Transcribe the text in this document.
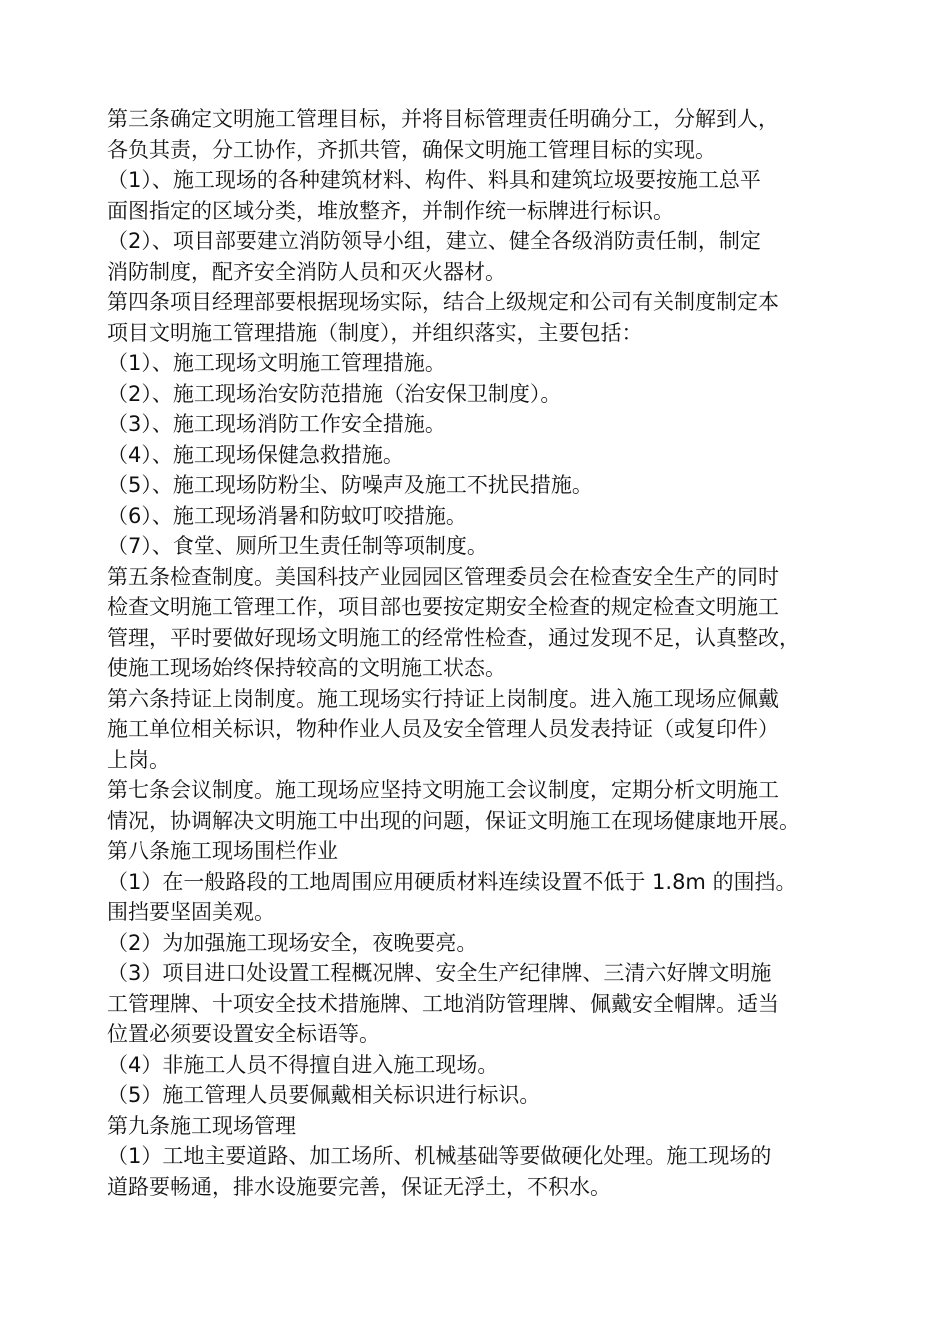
第三条确定文明施工管理目标，并将目标管理责任明确分工，分解到人，
各负其责，分工协作，齐抓共管，确保文明施工管理目标的实现。
（1）、施工现场的各种建筑材料、构件、料具和建筑垃圾要按施工总平
面图指定的区域分类，堆放整齐，并制作统一标牌进行标识。
（2）、项目部要建立消防领导小组，建立、健全各级消防责任制，制定
消防制度，配齐安全消防人员和灭火器材。
第四条项目经理部要根据现场实际，结合上级规定和公司有关制度制定本
项目文明施工管理措施（制度），并组织落实，主要包括：
（1）、施工现场文明施工管理措施。
（2）、施工现场治安防范措施（治安保卫制度）。
（3）、施工现场消防工作安全措施。
（4）、施工现场保健急救措施。
（5）、施工现场防粉尘、防噪声及施工不扰民措施。
（6）、施工现场消暑和防蚊叮咬措施。
（7）、食堂、厕所卫生责任制等项制度。
第五条检查制度。美国科技产业园园区管理委员会在检查安全生产的同时
检查文明施工管理工作，项目部也要按定期安全检查的规定检查文明施工
管理，平时要做好现场文明施工的经常性检查，通过发现不足，认真整改，
使施工现场始终保持较高的文明施工状态。
第六条持证上岗制度。施工现场实行持证上岗制度。进入施工现场应佩戴
施工单位相关标识，物种作业人员及安全管理人员发表持证（或复印件）
上岗。
第七条会议制度。施工现场应坚持文明施工会议制度，定期分析文明施工
情况，协调解决文明施工中出现的问题，保证文明施工在现场健康地开展。
第八条施工现场围栏作业
（1）在一般路段的工地周围应用硬质材料连续设置不低于 1.8m 的围挡。
围挡要坚固美观。
（2）为加强施工现场安全，夜晚要亮。
（3）项目进口处设置工程概况牌、安全生产纪律牌、三清六好牌文明施
工管理牌、十项安全技术措施牌、工地消防管理牌、佩戴安全帽牌。适当
位置必须要设置安全标语等。
（4）非施工人员不得擅自进入施工现场。
（5）施工管理人员要佩戴相关标识进行标识。
第九条施工现场管理
（1）工地主要道路、加工场所、机械基础等要做硬化处理。施工现场的
道路要畅通，排水设施要完善，保证无浮土，不积水。
